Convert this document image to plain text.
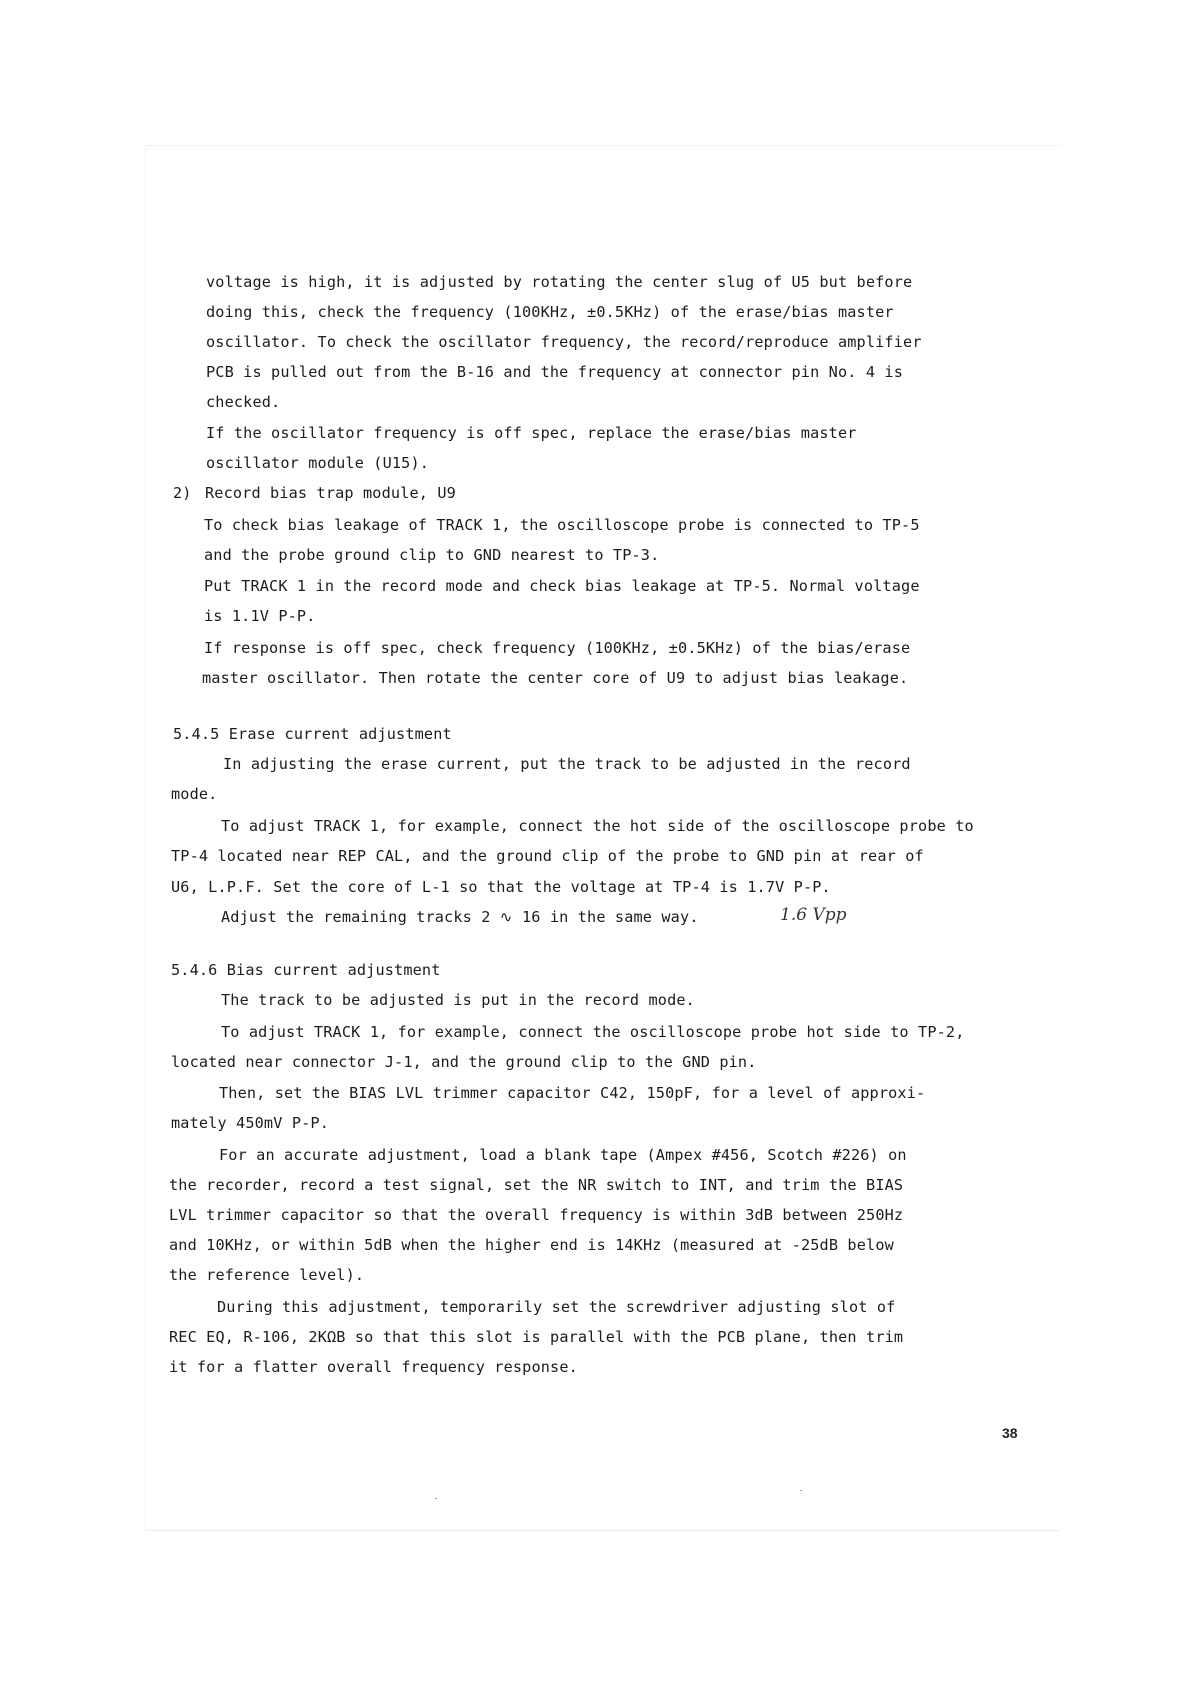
voltage is high, it is adjusted by rotating the center slug of U5 but before
doing this, check the frequency (100KHz, ±0.5KHz) of the erase/bias master
oscillator. To check the oscillator frequency, the record/reproduce amplifier
PCB is pulled out from the B-16 and the frequency at connector pin No. 4 is
checked.
If the oscillator frequency is off spec, replace the erase/bias master
oscillator module (U15).
2) Record bias trap module, U9
To check bias leakage of TRACK 1, the oscilloscope probe is connected to TP-5
and the probe ground clip to GND nearest to TP-3.
Put TRACK 1 in the record mode and check bias leakage at TP-5. Normal voltage
is 1.1V P-P.
If response is off spec, check frequency (100KHz, ±0.5KHz) of the bias/erase
master oscillator. Then rotate the center core of U9 to adjust bias leakage.
5.4.5 Erase current adjustment
In adjusting the erase current, put the track to be adjusted in the record
mode.
To adjust TRACK 1, for example, connect the hot side of the oscilloscope probe to
TP-4 located near REP CAL, and the ground clip of the probe to GND pin at rear of
U6, L.P.F. Set the core of L-1 so that the voltage at TP-4 is 1.7V P-P.
Adjust the remaining tracks 2 ∿ 16 in the same way.	1.6 Vpp
5.4.6 Bias current adjustment
The track to be adjusted is put in the record mode.
To adjust TRACK 1, for example, connect the oscilloscope probe hot side to TP-2,
located near connector J-1, and the ground clip to the GND pin.
Then, set the BIAS LVL trimmer capacitor C42, 150pF, for a level of approxi-
mately 450mV P-P.
For an accurate adjustment, load a blank tape (Ampex #456, Scotch #226) on
the recorder, record a test signal, set the NR switch to INT, and trim the BIAS
LVL trimmer capacitor so that the overall frequency is within 3dB between 250Hz
and 10KHz, or within 5dB when the higher end is 14KHz (measured at -25dB below
the reference level).
During this adjustment, temporarily set the screwdriver adjusting slot of
REC EQ, R-106, 2KΩB so that this slot is parallel with the PCB plane, then trim
it for a flatter overall frequency response.
38
